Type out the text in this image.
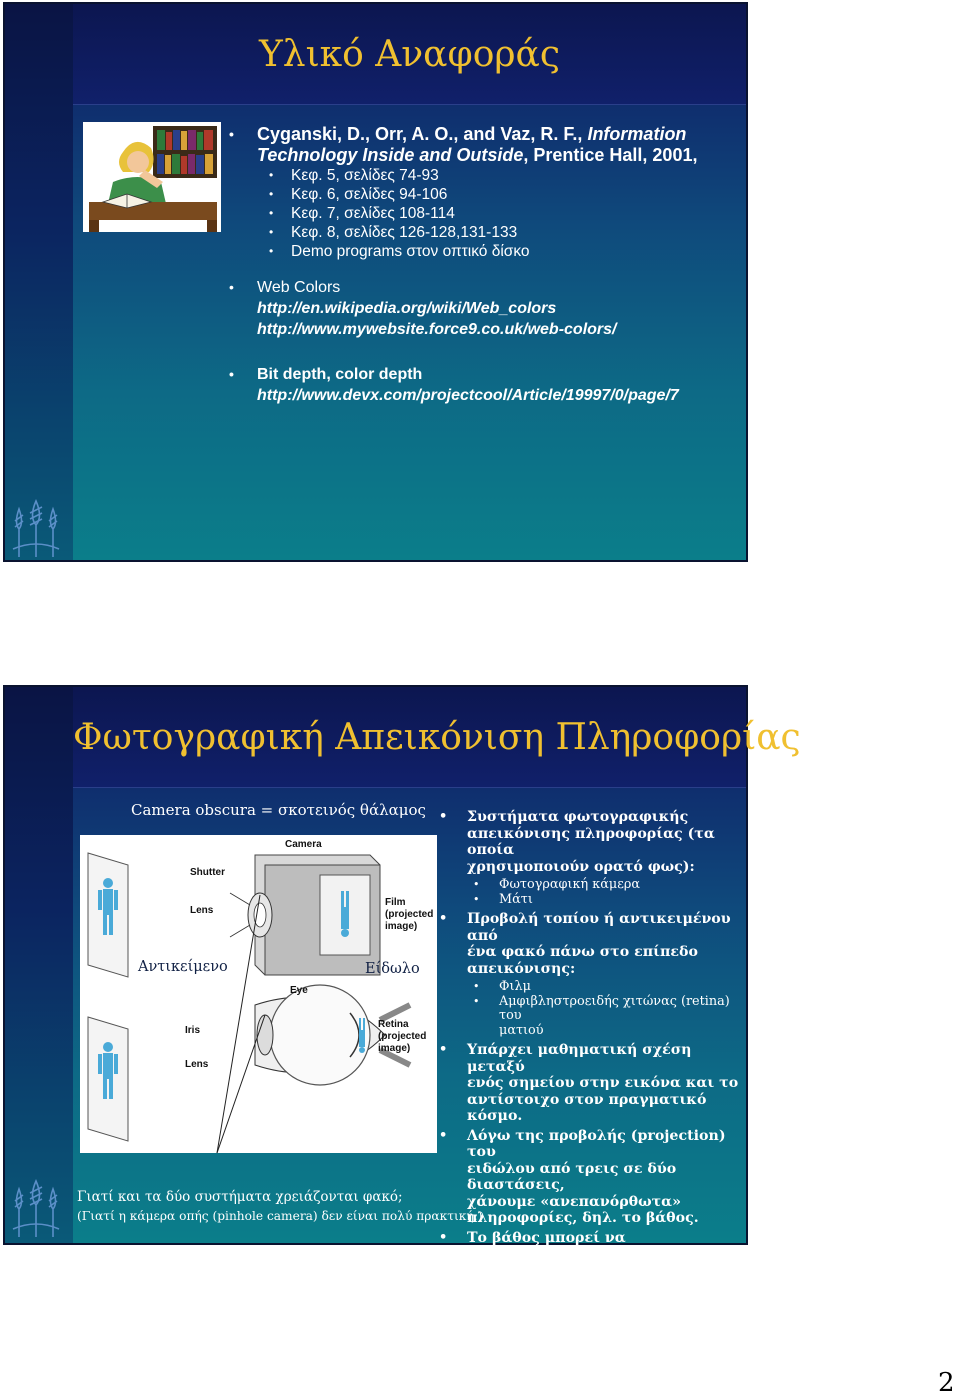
Υλικό Αναφοράς
• Cyganski, D., Orr, A. O., and Vaz, R. F., Information Technology Inside and Outside, Prentice Hall, 2001,
• Κεφ. 5, σελίδες 74-93
• Κεφ. 6, σελίδες 94-106
• Κεφ. 7, σελίδες 108-114
• Κεφ. 8, σελίδες 126-128,131-133
• Demo programs στον οπτικό δίσκο
• Web Colors
http://en.wikipedia.org/wiki/Web_colors
http://www.mywebsite.force9.co.uk/web-colors/
• Bit depth, color depth
http://www.devx.com/projectcool/Article/19997/0/page/7
Φωτογραφική Απεικόνιση Πληροφορίας
Camera obscura = σκοτεινός θάλαμος
Camera
Shutter
Lens
Film
(projected
image)
Eye
Iris
Lens
Retina
(projected
image)
Αντικείμενο	Είδωλο
Γιατί και τα δύο συστήματα χρειάζονται φακό;
(Γιατί η κάμερα οπής (pinhole camera) δεν είναι πολύ πρακτική;)
• Συστήματα φωτογραφικής
απεικόνισης πληροφορίας (τα οποία
χρησιμοποιούν ορατό φως):
• Φωτογραφική κάμερα
• Μάτι
• Προβολή τοπίου ή αντικειμένου από
ένα φακό πάνω στο επίπεδο
απεικόνισης:
• Φιλμ
• Αμφιβληστροειδής χιτώνας (retina) του
ματιού
• Υπάρχει μαθηματική σχέση μεταξύ
ενός σημείου στην εικόνα και το
αντίστοιχο στον πραγματικό κόσμο.
• Λόγω της προβολής (projection) του
ειδώλου από τρεις σε δύο διαστάσεις,
χάνουμε «ανεπανόρθωτα»
πληροφορίες, δηλ. το βάθος.
• Το βάθος μπορεί να ανακατασκευαστεί
(έως ένα σημείο) με δύο εικόνες, όπως
αυτές που βλέπουν τα μάτια μας, δηλ.
με στερεοσκοπική όραση (binocular or
stereo vision).	2
